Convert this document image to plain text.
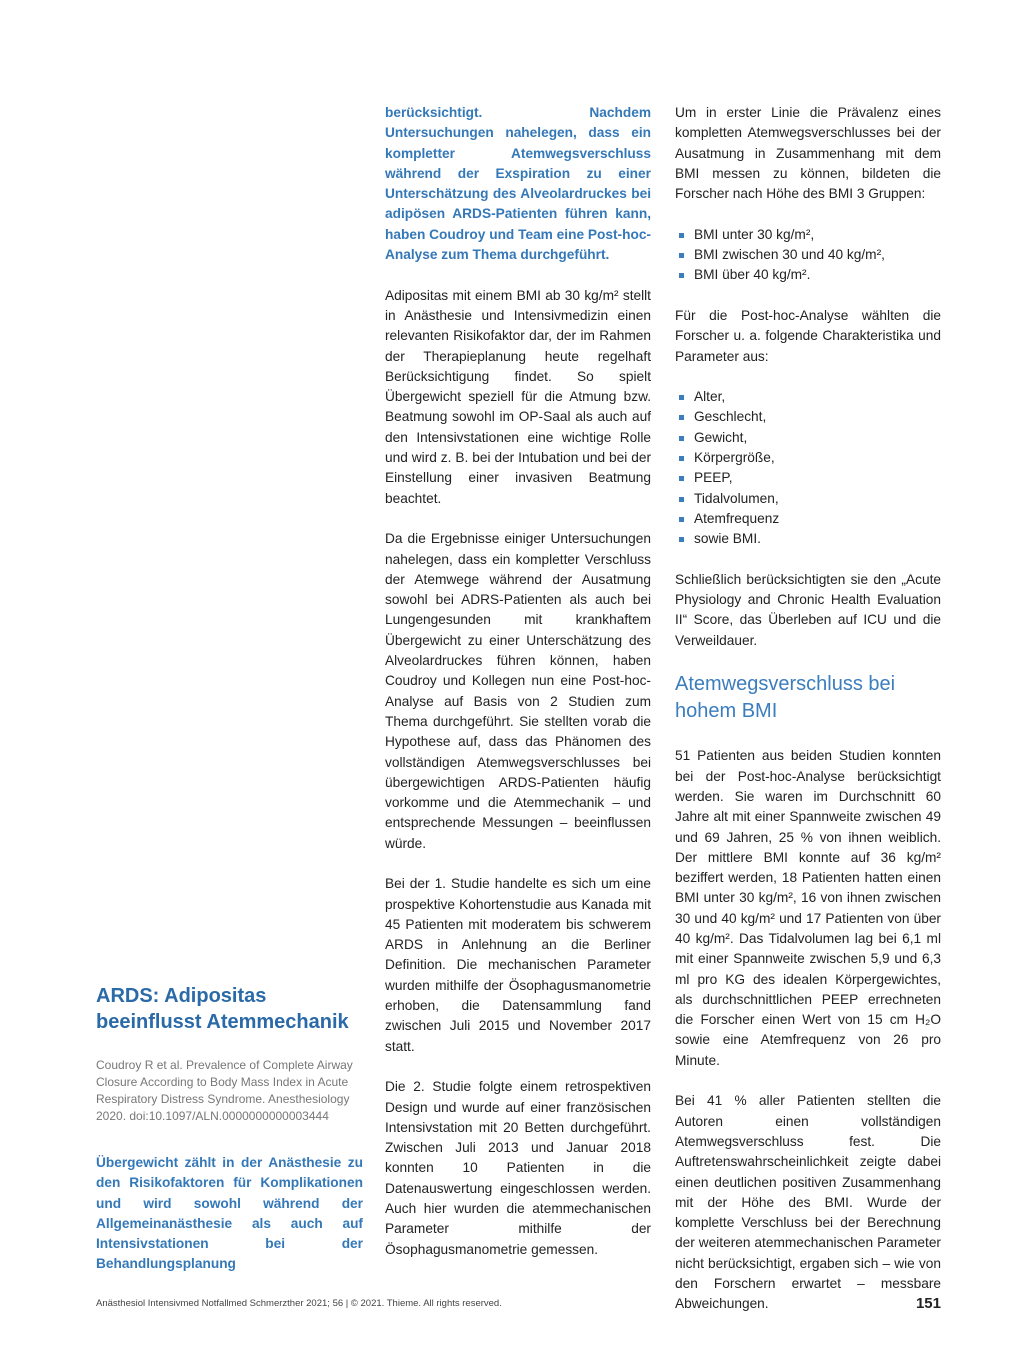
ARDS: Adipositas beeinflusst Atemmechanik
Coudroy R et al. Prevalence of Complete Airway Closure According to Body Mass Index in Acute Respiratory Distress Syndrome. Anesthesiology 2020. doi:10.1097/ALN.0000000000003444

Übergewicht zählt in der Anästhesie zu den Risikofaktoren für Komplikationen und wird sowohl während der Allgemeinanästhesie als auch auf Intensivstationen bei der Behandlungsplanung

berücksichtigt. Nachdem Untersuchungen nahelegen, dass ein kompletter Atemwegsverschluss während der Exspiration zu einer Unterschätzung des Alveolardruckes bei adipösen ARDS-Patienten führen kann, haben Coudroy und Team eine Post-hoc-Analyse zum Thema durchgeführt.

Adipositas mit einem BMI ab 30 kg/m² stellt in Anästhesie und Intensivmedizin einen relevanten Risikofaktor dar, der im Rahmen der Therapieplanung heute regelhaft Berücksichtigung findet. So spielt Übergewicht speziell für die Atmung bzw. Beatmung sowohl im OP-Saal als auch auf den Intensivstationen eine wichtige Rolle und wird z. B. bei der Intubation und bei der Einstellung einer invasiven Beatmung beachtet.

Da die Ergebnisse einiger Untersuchungen nahelegen, dass ein kompletter Verschluss der Atemwege während der Ausatmung sowohl bei ADRS-Patienten als auch bei Lungengesunden mit krankhaftem Übergewicht zu einer Unterschätzung des Alveolardruckes führen können, haben Coudroy und Kollegen nun eine Post-hoc-Analyse auf Basis von 2 Studien zum Thema durchgeführt. Sie stellten vorab die Hypothese auf, dass das Phänomen des vollständigen Atemwegsverschlusses bei übergewichtigen ARDS-Patienten häufig vorkomme und die Atemmechanik – und entsprechende Messungen – beeinflussen würde.

Bei der 1. Studie handelte es sich um eine prospektive Kohortenstudie aus Kanada mit 45 Patienten mit moderatem bis schwerem ARDS in Anlehnung an die Berliner Definition. Die mechanischen Parameter wurden mithilfe der Ösophagusmanometrie erhoben, die Datensammlung fand zwischen Juli 2015 und November 2017 statt.

Die 2. Studie folgte einem retrospektiven Design und wurde auf einer französischen Intensivstation mit 20 Betten durchgeführt. Zwischen Juli 2013 und Januar 2018 konnten 10 Patienten in die Datenauswertung eingeschlossen werden. Auch hier wurden die atemmechanischen Parameter mithilfe der Ösophagusmanometrie gemessen.

Um in erster Linie die Prävalenz eines kompletten Atemwegsverschlusses bei der Ausatmung in Zusammenhang mit dem BMI messen zu können, bildeten die Forscher nach Höhe des BMI 3 Gruppen:

BMI unter 30 kg/m²,
BMI zwischen 30 und 40 kg/m²,
BMI über 40 kg/m².

Für die Post-hoc-Analyse wählten die Forscher u. a. folgende Charakteristika und Parameter aus:

Alter,
Geschlecht,
Gewicht,
Körpergröße,
PEEP,
Tidalvolumen,
Atemfrequenz
sowie BMI.

Schließlich berücksichtigten sie den „Acute Physiology and Chronic Health Evaluation II“ Score, das Überleben auf ICU und die Verweildauer.

Atemwegsverschluss bei hohem BMI

51 Patienten aus beiden Studien konnten bei der Post-hoc-Analyse berücksichtigt werden. Sie waren im Durchschnitt 60 Jahre alt mit einer Spannweite zwischen 49 und 69 Jahren, 25 % von ihnen weiblich. Der mittlere BMI konnte auf 36 kg/m² beziffert werden, 18 Patienten hatten einen BMI unter 30 kg/m², 16 von ihnen zwischen 30 und 40 kg/m² und 17 Patienten von über 40 kg/m². Das Tidalvolumen lag bei 6,1 ml mit einer Spannweite zwischen 5,9 und 6,3 ml pro KG des idealen Körpergewichtes, als durchschnittlichen PEEP errechneten die Forscher einen Wert von 15 cm H₂O sowie eine Atemfrequenz von 26 pro Minute.

Bei 41 % aller Patienten stellten die Autoren einen vollständigen Atemwegsverschluss fest. Die Auftretenswahrscheinlichkeit zeigte dabei einen deutlichen positiven Zusammenhang mit der Höhe des BMI. Wurde der komplette Verschluss bei der Berechnung der weiteren atemmechanischen Parameter nicht berücksichtigt, ergaben sich – wie von den Forschern erwartet – messbare Abweichungen.

Anästhesiol Intensivmed Notfallmed Schmerzther 2021; 56 | © 2021. Thieme. All rights reserved.	151
